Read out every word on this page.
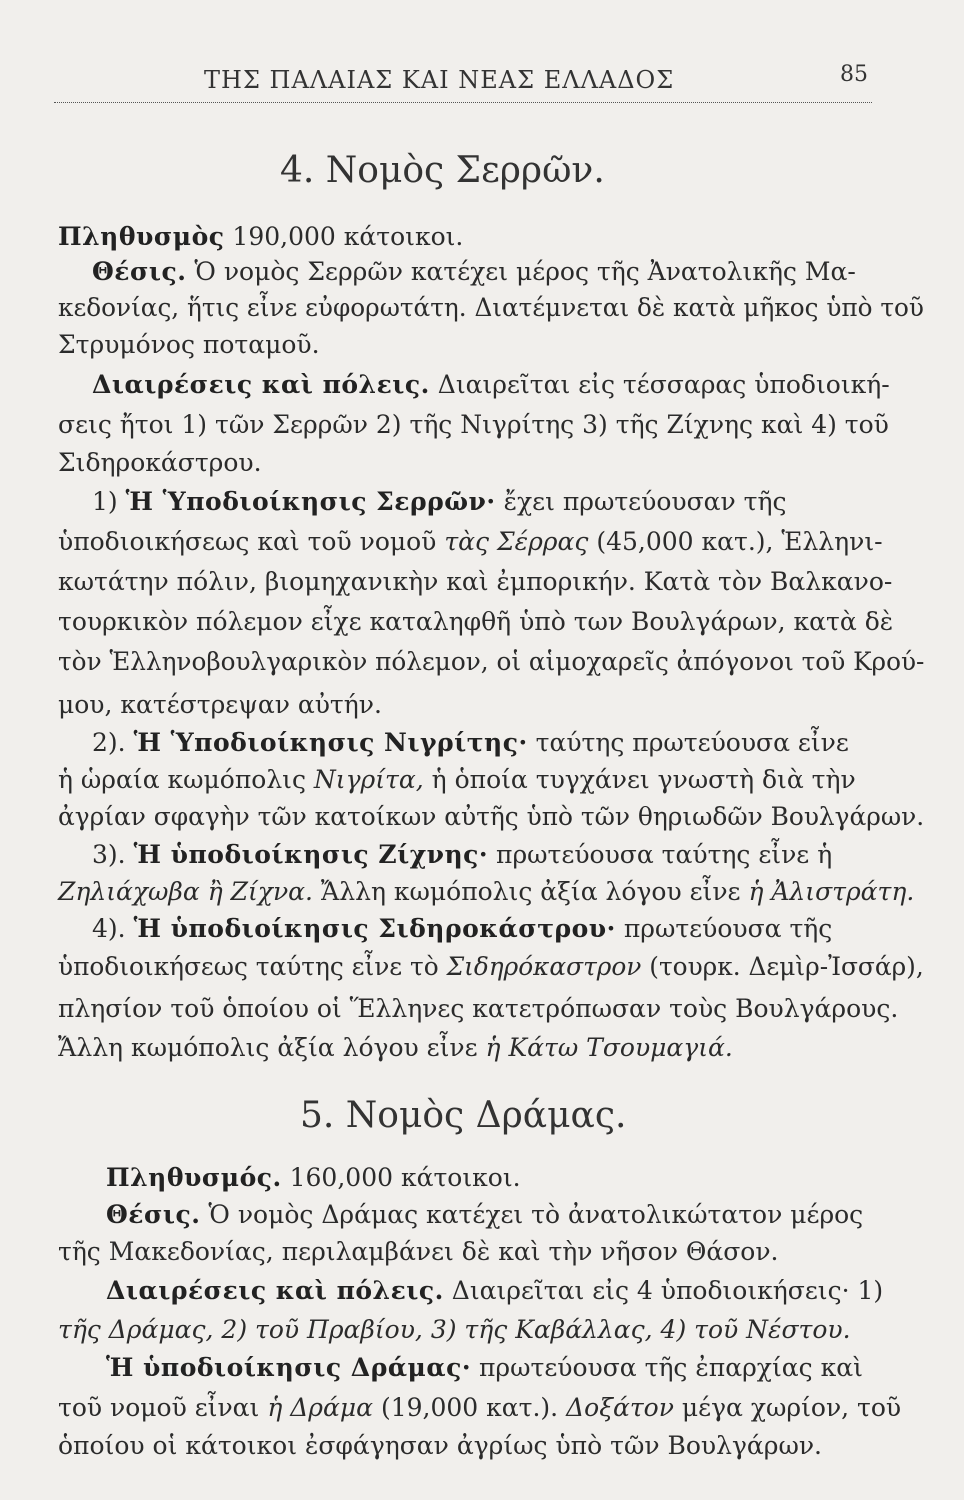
ΤΗΣ ΠΑΛΑΙΑΣ ΚΑΙ ΝΕΑΣ ΕΛΛΑΔΟΣ	85
4. Νομὸς Σερρῶν.
Πληθυσμὸς 190,000 κάτοικοι.
Θέσις. Ὁ νομὸς Σερρῶν κατέχει μέρος τῆς Ἀνατολικῆς Μα-
κεδονίας, ἥτις εἶνε εὐφορωτάτη. Διατέμνεται δὲ κατὰ μῆκος ὑπὸ τοῦ
Στρυμόνος ποταμοῦ.
Διαιρέσεις καὶ πόλεις. Διαιρεῖται εἰς τέσσαρας ὑποδιοική-
σεις ἤτοι 1) τῶν Σερρῶν 2) τῆς Νιγρίτης 3) τῆς Ζίχνης καὶ 4) τοῦ
Σιδηροκάστρου.
1) Ἡ Ὑποδιοίκησις Σερρῶν· ἔχει πρωτεύουσαν τῆς
ὑποδιοικήσεως καὶ τοῦ νομοῦ τὰς Σέρρας (45,000 κατ.), Ἑλληνι-
κωτάτην πόλιν, βιομηχανικὴν καὶ ἐμπορικήν. Κατὰ τὸν Βαλκανο-
τουρκικὸν πόλεμον εἶχε καταληφθῆ ὑπὸ των Βουλγάρων, κατὰ δὲ
τὸν Ἑλληνοβουλγαρικὸν πόλεμον, οἱ αἱμοχαρεῖς ἀπόγονοι τοῦ Κρού-
μου, κατέστρεψαν αὐτήν.
2). Ἡ Ὑποδιοίκησις Νιγρίτης· ταύτης πρωτεύουσα εἶνε
ἡ ὡραία κωμόπολις Νιγρίτα, ἡ ὁποία τυγχάνει γνωστὴ διὰ τὴν
ἀγρίαν σφαγὴν τῶν κατοίκων αὐτῆς ὑπὸ τῶν θηριωδῶν Βουλγάρων.
3). Ἡ ὑποδιοίκησις Ζίχνης· πρωτεύουσα ταύτης εἶνε ἡ
Ζηλιάχωβα ἢ Ζίχνα. Ἄλλη κωμόπολις ἀξία λόγου εἶνε ἡ Ἀλιστράτη.
4). Ἡ ὑποδιοίκησις Σιδηροκάστρου· πρωτεύουσα τῆς
ὑποδιοικήσεως ταύτης εἶνε τὸ Σιδηρόκαστρον (τουρκ. Δεμὶρ-Ἰσσάρ),
πλησίον τοῦ ὁποίου οἱ Ἕλληνες κατετρόπωσαν τοὺς Βουλγάρους.
Ἄλλη κωμόπολις ἀξία λόγου εἶνε ἡ Κάτω Τσουμαγιά.
5. Νομὸς Δράμας.
Πληθυσμός. 160,000 κάτοικοι.
Θέσις. Ὁ νομὸς Δράμας κατέχει τὸ ἀνατολικώτατον μέρος
τῆς Μακεδονίας, περιλαμβάνει δὲ καὶ τὴν νῆσον Θάσον.
Διαιρέσεις καὶ πόλεις. Διαιρεῖται εἰς 4 ὑποδιοικήσεις· 1)
τῆς Δράμας, 2) τοῦ Πραβίου, 3) τῆς Καβάλλας, 4) τοῦ Νέστου.
Ἡ ὑποδιοίκησις Δράμας· πρωτεύουσα τῆς ἐπαρχίας καὶ
τοῦ νομοῦ εἶναι ἡ Δράμα (19,000 κατ.). Δοξάτον μέγα χωρίον, τοῦ
ὁποίου οἱ κάτοικοι ἐσφάγησαν ἀγρίως ὑπὸ τῶν Βουλγάρων.
